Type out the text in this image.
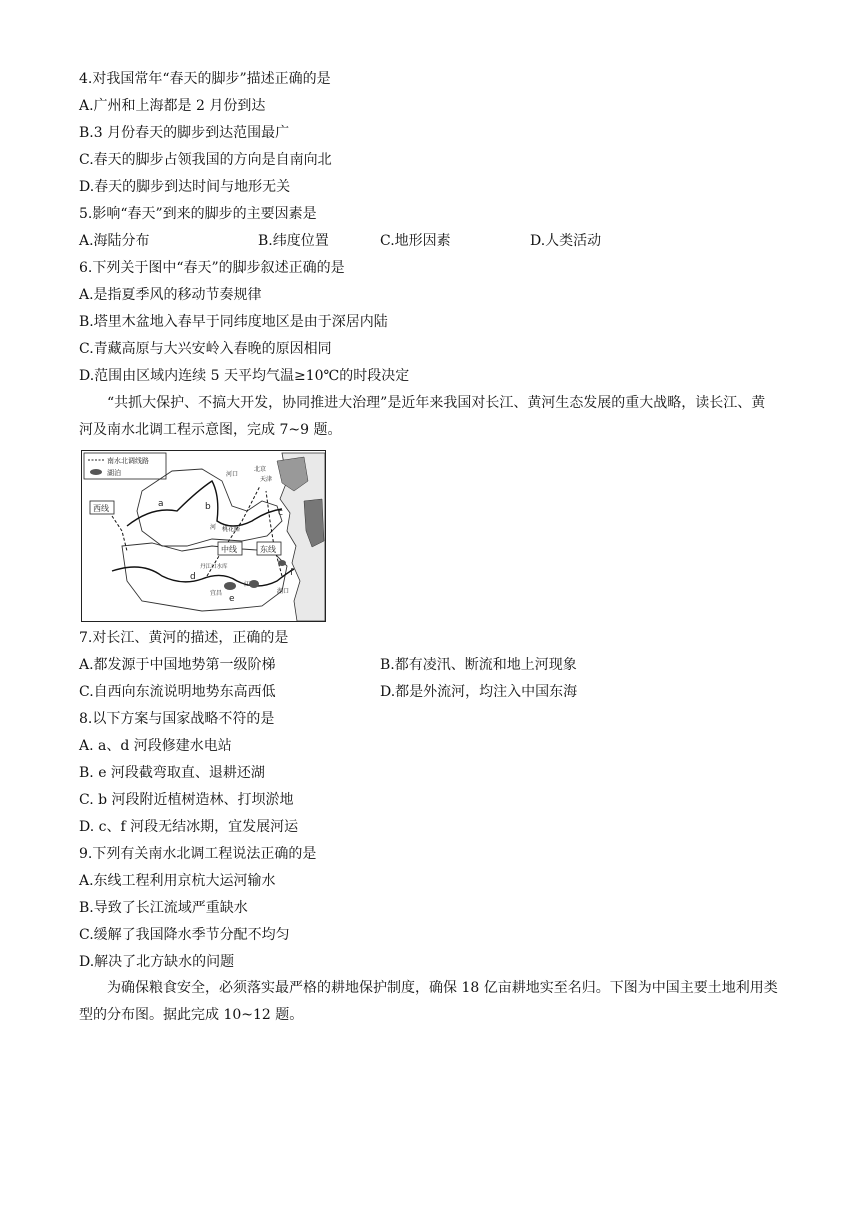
4.对我国常年“春天的脚步”描述正确的是
A.广州和上海都是 2 月份到达
B.3 月份春天的脚步到达范围最广
C.春天的脚步占领我国的方向是自南向北
D.春天的脚步到达时间与地形无关
5.影响“春天”到来的脚步的主要因素是
A.海陆分布	B.纬度位置	C.地形因素	D.人类活动
6.下列关于图中“春天”的脚步叙述正确的是
A.是指夏季风的移动节奏规律
B.塔里木盆地入春早于同纬度地区是由于深居内陆
C.青藏高原与大兴安岭入春晚的原因相同
D.范围由区域内连续 5 天平均气温≥10℃的时段决定
“共抓大保护、不搞大开发，协同推进大治理”是近年来我国对长江、黄河生态发展的重大战略，读长江、黄河及南水北调工程示意图，完成 7~9 题。
南水北调线路
湖泊
西线
中线	东线
a	b
c
d
e
f
河口
北京
天津
桃花峪
丹江口水库
宜昌	湖口
河
江
7.对长江、黄河的描述，正确的是
A.都发源于中国地势第一级阶梯	B.都有凌汛、断流和地上河现象
C.自西向东流说明地势东高西低	D.都是外流河，均注入中国东海
8.以下方案与国家战略不符的是
A. a、d 河段修建水电站
B. e 河段截弯取直、退耕还湖
C. b 河段附近植树造林、打坝淤地
D. c、f 河段无结冰期，宜发展河运
9.下列有关南水北调工程说法正确的是
A.东线工程利用京杭大运河输水
B.导致了长江流域严重缺水
C.缓解了我国降水季节分配不均匀
D.解决了北方缺水的问题
为确保粮食安全，必须落实最严格的耕地保护制度，确保 18 亿亩耕地实至名归。下图为中国主要土地利用类型的分布图。据此完成 10~12 题。
